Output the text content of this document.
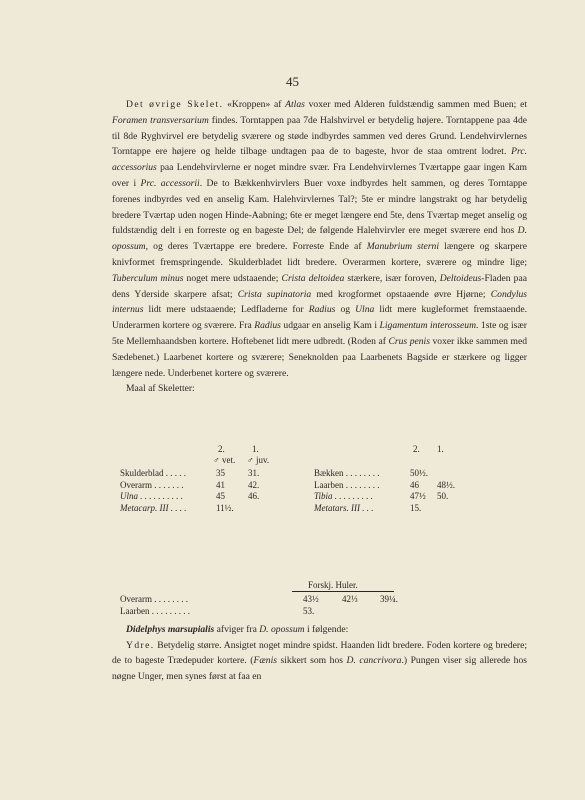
45

Det øvrige Skelet. «Kroppen» af Atlas voxer med Alderen fuldstændig sammen med Buen; et Foramen transversarium findes. Torntappen paa 7de Halshvirvel er betydelig højere. Torntappene paa 4de til 8de Ryghvirvel ere betydelig sværere og støde indbyrdes sammen ved deres Grund. Lendehvirvlernes Torntappe ere højere og helde tilbage undtagen paa de to bageste, hvor de staa omtrent lodret. Prc. accessorius paa Lendehvirvlerne er noget mindre svær. Fra Lendehvirvlernes Tværtappe gaar ingen Kam over i Prc. accessorii. De to Bækkenhvirvlers Buer voxe indbyrdes helt sammen, og deres Torntappe forenes indbyrdes ved en anselig Kam. Halehvirvlernes Tal?; 5te er mindre langstrakt og har betydelig bredere Tværtap uden nogen Hinde-Aabning; 6te er meget længere end 5te, dens Tværtap meget anselig og fuldstændig delt i en forreste og en bageste Del; de følgende Halehvirvler ere meget sværere end hos D. opossum, og deres Tværtappe ere bredere. Forreste Ende af Manubrium sterni længere og skarpere knivformet fremspringende. Skulderbladet lidt bredere. Overarmen kortere, sværere og mindre lige; Tuberculum minus noget mere udstaaende; Crista deltoidea stærkere, især foroven, Deltoideus-Fladen paa dens Yderside skarpere afsat; Crista supinatoria med krogformet opstaaende øvre Hjørne; Condylus internus lidt mere udstaaende; Ledfladerne for Radius og Ulna lidt mere kugleformet fremstaaende. Underarmen kortere og sværere. Fra Radius udgaar en anselig Kam i Ligamentum interosseum. 1ste og især 5te Mellemhaandsben kortere. Hoftebenet lidt mere udbredt. (Roden af Crus penis voxer ikke sammen med Sædebenet.) Laarbenet kortere og sværere; Seneknolden paa Laarbenets Bagside er stærkere og ligger længere nede. Underbenet kortere og sværere.

Maal af Skeletter:

2.	1.
♂ vet. ♂ juv.
2. 1.
Skulderblad . . . . .	35	31.	Bækken . . . . . . . .	50½.
Overarm . . . . . . .	41	42.	Laarben . . . . . . . .	46 48½.
Ulna . . . . . . . . . .	45	46.	Tibia . . . . . . . . .	47½ 50.
Metacarp. III . . . .	11½.	Metatars. III . . .	15.
Forskj. Huler.
Overarm . . . . . . . .	43½	42⅓ 39¼.
Laarben . . . . . . . . .	53.

Didelphys marsupialis afviger fra D. opossum i følgende:

Ydre. Betydelig større. Ansigtet noget mindre spidst. Haanden lidt bredere. Foden kortere og bredere; de to bageste Trædepuder kortere. (Fænis sikkert som hos D. cancrivora.) Pungen viser sig allerede hos nøgne Unger, men synes først at faa en
